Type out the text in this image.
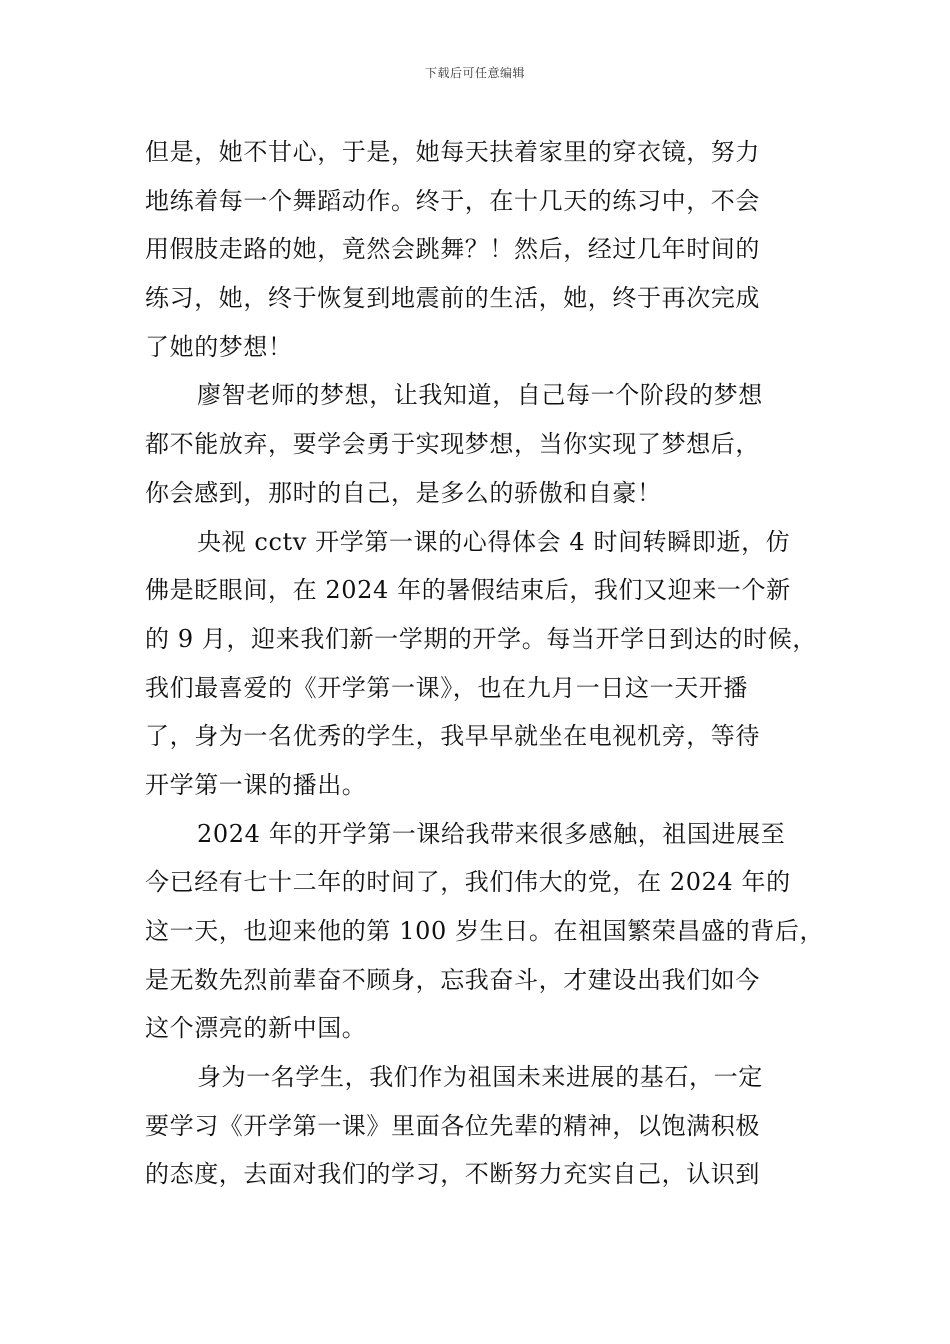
下载后可任意编辑
但是，她不甘心，于是，她每天扶着家里的穿衣镜，努力
地练着每一个舞蹈动作。终于，在十几天的练习中，不会
用假肢走路的她，竟然会跳舞？！然后，经过几年时间的
练习，她，终于恢复到地震前的生活，她，终于再次完成
了她的梦想！
廖智老师的梦想，让我知道，自己每一个阶段的梦想
都不能放弃，要学会勇于实现梦想，当你实现了梦想后，
你会感到，那时的自己，是多么的骄傲和自豪！
央视 cctv 开学第一课的心得体会 4 时间转瞬即逝，仿
佛是眨眼间，在 2024 年的暑假结束后，我们又迎来一个新
的 9 月，迎来我们新一学期的开学。每当开学日到达的时候，
我们最喜爱的《开学第一课》，也在九月一日这一天开播
了，身为一名优秀的学生，我早早就坐在电视机旁，等待
开学第一课的播出。
2024 年的开学第一课给我带来很多感触，祖国进展至
今已经有七十二年的时间了，我们伟大的党，在 2024 年的
这一天，也迎来他的第 100 岁生日。在祖国繁荣昌盛的背后，
是无数先烈前辈奋不顾身，忘我奋斗，才建设出我们如今
这个漂亮的新中国。
身为一名学生，我们作为祖国未来进展的基石，一定
要学习《开学第一课》里面各位先辈的精神，以饱满积极
的态度，去面对我们的学习，不断努力充实自己，认识到
